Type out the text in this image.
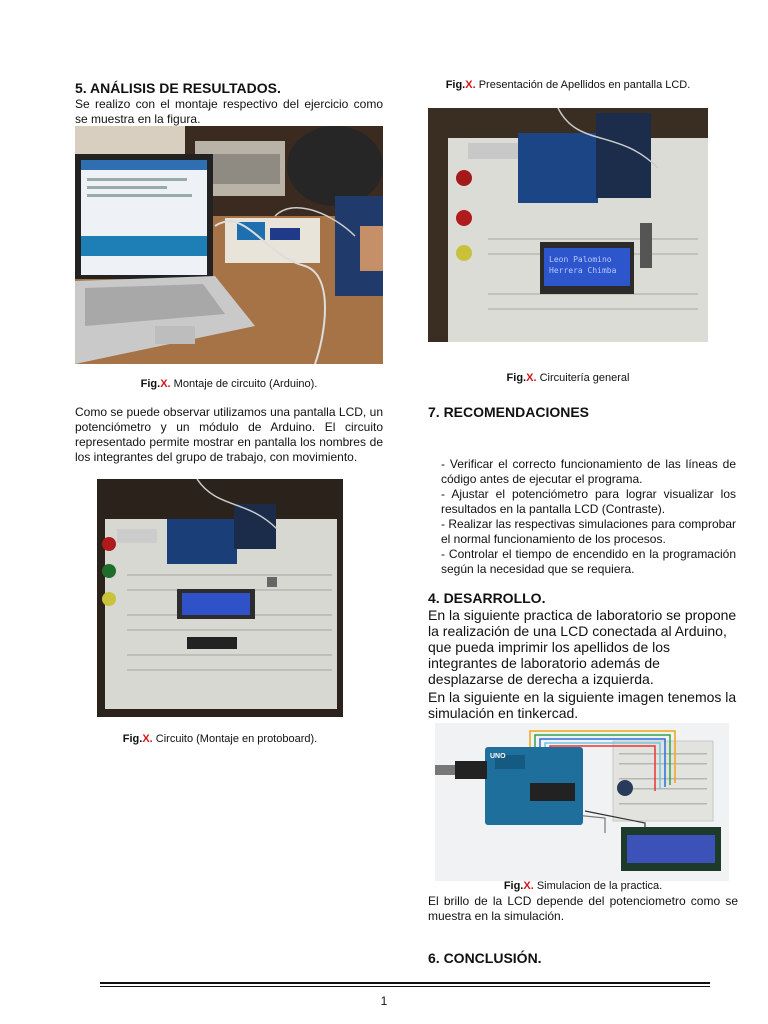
5. ANÁLISIS DE RESULTADOS.

Se realizo con el montaje respectivo del ejercicio como se muestra en la figura.

Fig.X. Montaje de circuito (Arduino).

Como se puede observar utilizamos una pantalla LCD, un potenciómetro y un módulo de Arduino. El circuito representado permite mostrar en pantalla los nombres de los integrantes del grupo de trabajo, con movimiento.

Fig.X. Circuito (Montaje en protoboard).
Fig.X. Presentación de Apellidos en pantalla LCD.
Leon Palomino
Herrera Chimba
Fig.X. Circuitería general
7. RECOMENDACIONES

- Verificar el correcto funcionamiento de las líneas de código antes de ejecutar el programa.

- Ajustar el potenciómetro para lograr visualizar los resultados en la pantalla LCD (Contraste).

- Realizar las respectivas simulaciones para comprobar el normal funcionamiento de los procesos.

- Controlar el tiempo de encendido en la programación según la necesidad que se requiera.

4. DESARROLLO.

En la siguiente practica de laboratorio se propone la realización de una LCD conectada al Arduino, que pueda imprimir los apellidos de los integrantes de laboratorio además de desplazarse de derecha a izquierda.

En la siguiente en la siguiente imagen tenemos la simulación en tinkercad.

UNO
Fig.X. Simulacion de la practica.

El brillo de la LCD depende del potenciometro como se muestra en la simulación.

6. CONCLUSIÓN.
1
